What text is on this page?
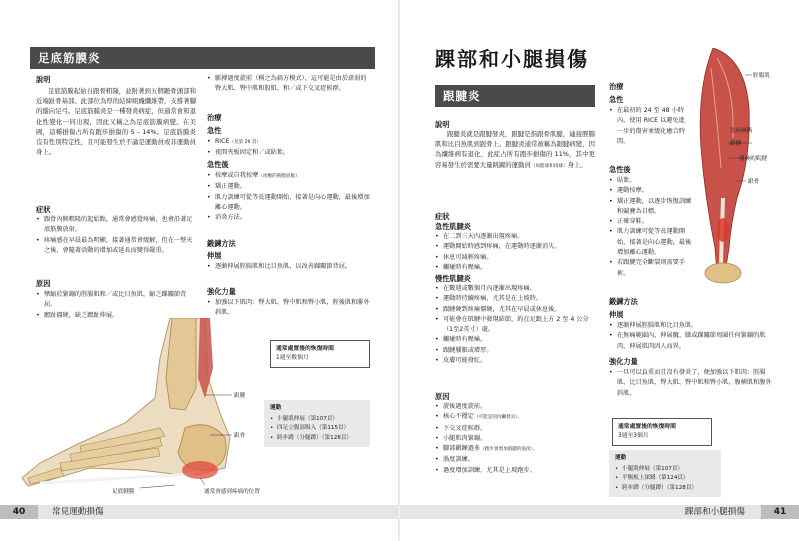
足底筋膜炎
說明
足底筋膜起始自跟骨粗隆，並附著到五個蹠骨頭部和近端趾骨基部。此部位為厚的結締組織纖維帶，支撐著腳的縱向足弓。足底筋膜炎是一種發炎病症，但通常會和退化性變化一同出現，因此又稱之為足底筋膜病變。在美國，這種損傷占所有跑步損傷的 5 – 14%。足底筋膜炎沒有性別特定性，且可能發生於不論是運動員或非運動員身上。
症狀
• 跟骨內側粗隆的起始點，通常會感覺疼痛，也會沿著足底筋膜放射。
• 疼痛感在早晨最為明顯，接著通常會緩解，但在一整天之後，會隨著活動的增加或延長而變得嚴重。
原因
• 攣縮於緊繃的脛腸肌和／或比目魚肌，縮乏踝關節背屈。
• 蹠趾僵硬，缺乏蹠趾伸展。
• 脈搏過度旋前（稱之為扁方模式），這可能是由於虛弱的臀大肌、臀中肌和股肌，和／或下交叉症候群。
治療
急性
• RICE（見第 29 頁）
• 夜間夾板固定和／或貼紮。
急性後
• 按摩或自我按摩（冰敷的筋膜放鬆）
• 矯正運動。
• 肌力訓練可從等長運動開始，接著是向心運動，最後增加離心運動。
• 消炎方法。
鍛鍊方法
伸展
• 逐漸伸展脛腸肌和比目魚肌，以改善踝關節背屈。
強化力量
• 加強以下肌肉：臀大肌、臀中肌和臀小肌，脛後肌和腓外斜肌。
跟腱
跟骨
足底腱膜	通常會感到疼痛的位置
通常處置後的恢復時間
1週至數個月
運動
• 小腿肌伸展（第107頁）
• 四足立腹部吸入（第115頁）
• 跨步蹲（分腿蹲）（第128頁）
40	常見運動損傷
踝部和小腿損傷
跟腱炎
說明
跟腱炎就是跟腱發炎，跟腱是指跟骨肌腱，連接脛腸肌和比目魚肌到跟骨上。跟腱炎通常被稱為跟腱病變，因為纖維病有退化，此症占所有跑步損傷的 11%，其中更容易發生於需要大量跳躍的運動員（如籃球和排球）身上。
症狀
急性肌腱炎
• 在二到三天內逐漸出現疼痛。
• 運動開始時感到疼痛，在運動時逐漸消失。
• 休息可減輕疼痛。
• 觸碰時有壓痛。
慢性肌腱炎
• 在數週或數個月內逐漸出現疼痛。
• 運動時持續疼痛，尤其是在上坡時。
• 跟腱硬到疼痛僵硬，尤其在早晨或休息後。
• 可能會在肌腱中發現結節，約在足跟上方 2 至 4 公分（1至2英寸）處。
• 觸碰時有壓痛。
• 跟腱腫脹或增厚。
• 皮膚可能發紅。
原因
• 旋後過度旋前。
• 核心不穩定（可能是因內臟發炎）。
• 下交叉症候群。
• 小腿肌肉緊繃。
• 腳部鍛鍊過多（跑步會增加肌腱的張度）。
• 渦度訓練。
• 過度增加訓練，尤其是上坡跑步。
治療
急性
• 在最初的 24 至 48 小時內，使用 RICE 以避免進一步的傷害並緩化癒合時間。
急性後
• 貼紮。
• 運動按摩。
• 矯正運動，以逐步恢復訓練和競賽為目標。
• 正確穿鞋。
• 肌力訓練可從等長運動開始，接著是向心運動，最後增加離心運動。
• 若跟腱完全斷裂則需要手術。
鍛鍊方法
伸展
• 逐漸伸展脛腸肌和比目魚肌。
• 在無痛範圍內，伸展髖、膝或踝關節周圍任何緊繃的肌肉，伸展肌肉因人而異。
強化力量
• 一旦可以負重而且沒有發炎了，便加強以下肌肉：脛腸肌、比目魚肌、臀大肌、臀中肌和臀小肌，腹横肌和腹外斜肌。
通常處置後的恢復時間
3週至3個月
運動
• 小腿肌伸展（第107頁）
• 平衡板上深蹲（第124頁）
• 跨步蹲（分腿蹲）（第128頁）
脛腸肌
比目魚肌
跟腱
發炎的肌腱
跟骨
踝部和小腿損傷	41
